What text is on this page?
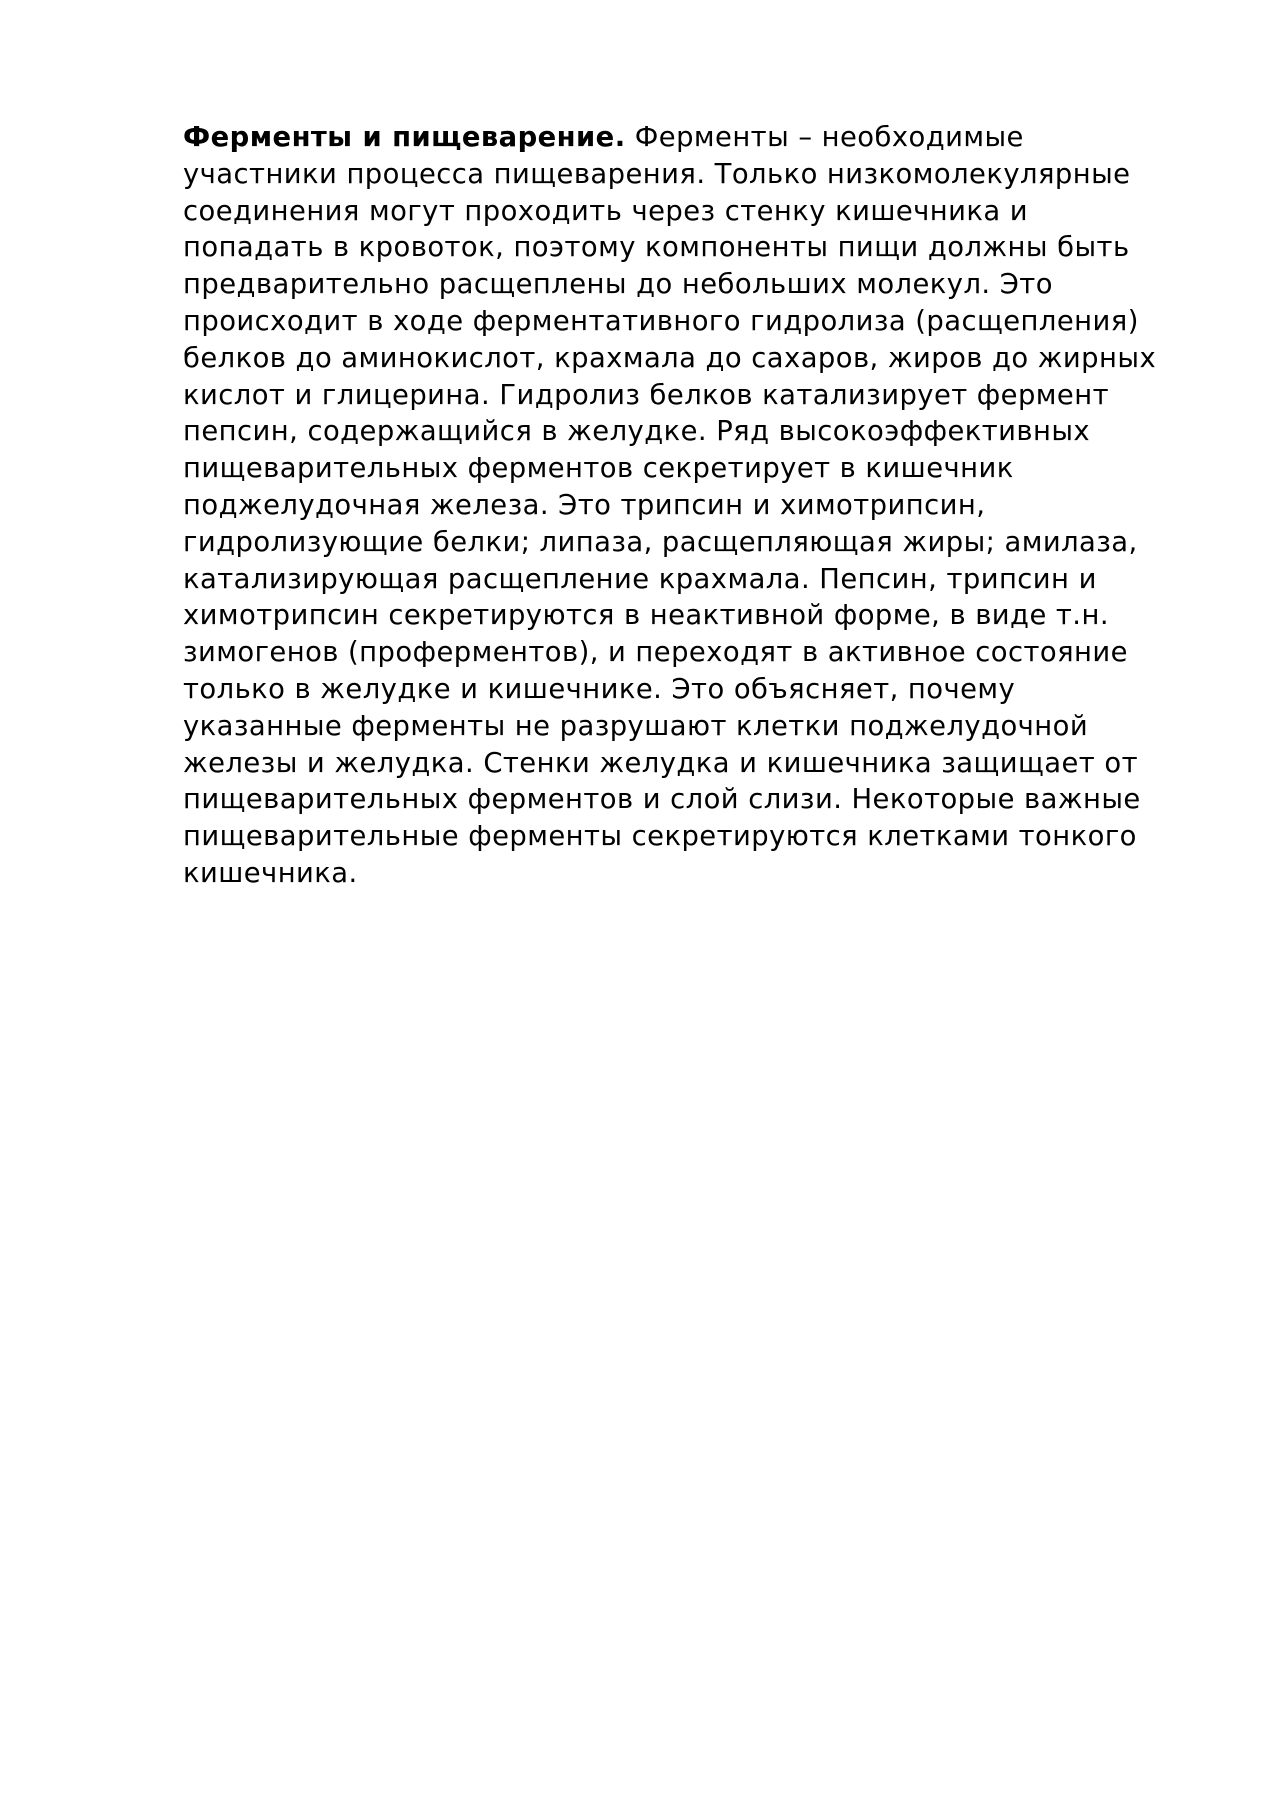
Ферменты и пищеварение. Ферменты – необходимые
участники процесса пищеварения. Только низкомолекулярные
соединения могут проходить через стенку кишечника и
попадать в кровоток, поэтому компоненты пищи должны быть
предварительно расщеплены до небольших молекул. Это
происходит в ходе ферментативного гидролиза (расщепления)
белков до аминокислот, крахмала до сахаров, жиров до жирных
кислот и глицерина. Гидролиз белков катализирует фермент
пепсин, содержащийся в желудке. Ряд высокоэффективных
пищеварительных ферментов секретирует в кишечник
поджелудочная железа. Это трипсин и химотрипсин,
гидролизующие белки; липаза, расщепляющая жиры; амилаза,
катализирующая расщепление крахмала. Пепсин, трипсин и
химотрипсин секретируются в неактивной форме, в виде т.н.
зимогенов (проферментов), и переходят в активное состояние
только в желудке и кишечнике. Это объясняет, почему
указанные ферменты не разрушают клетки поджелудочной
железы и желудка. Стенки желудка и кишечника защищает от
пищеварительных ферментов и слой слизи. Некоторые важные
пищеварительные ферменты секретируются клетками тонкого
кишечника.
